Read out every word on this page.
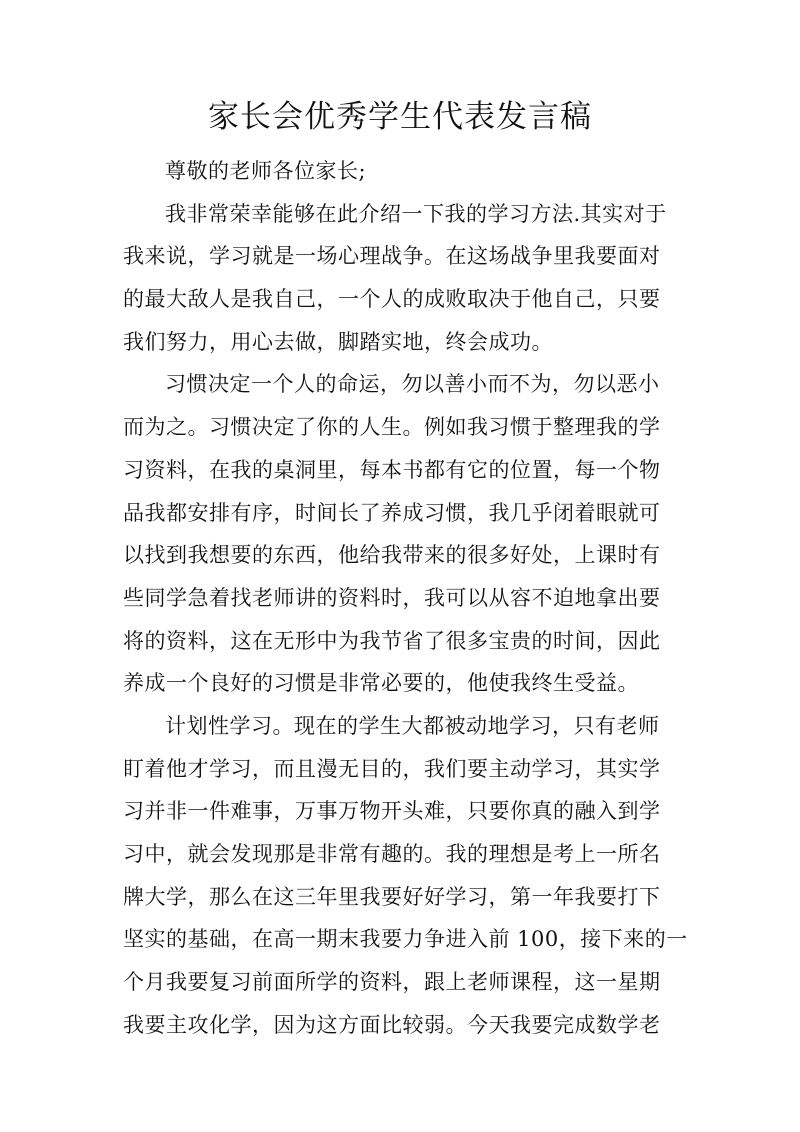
家长会优秀学生代表发言稿
尊敬的老师各位家长;
我非常荣幸能够在此介绍一下我的学习方法.其实对于
我来说，学习就是一场心理战争。在这场战争里我要面对
的最大敌人是我自己，一个人的成败取决于他自己，只要
我们努力，用心去做，脚踏实地，终会成功。
习惯决定一个人的命运，勿以善小而不为，勿以恶小
而为之。习惯决定了你的人生。例如我习惯于整理我的学
习资料，在我的桌洞里，每本书都有它的位置，每一个物
品我都安排有序，时间长了养成习惯，我几乎闭着眼就可
以找到我想要的东西，他给我带来的很多好处，上课时有
些同学急着找老师讲的资料时，我可以从容不迫地拿出要
将的资料，这在无形中为我节省了很多宝贵的时间，因此
养成一个良好的习惯是非常必要的，他使我终生受益。
计划性学习。现在的学生大都被动地学习，只有老师
盯着他才学习，而且漫无目的，我们要主动学习，其实学
习并非一件难事，万事万物开头难，只要你真的融入到学
习中，就会发现那是非常有趣的。我的理想是考上一所名
牌大学，那么在这三年里我要好好学习，第一年我要打下
坚实的基础，在高一期末我要力争进入前 100，接下来的一
个月我要复习前面所学的资料，跟上老师课程，这一星期
我要主攻化学，因为这方面比较弱。今天我要完成数学老
